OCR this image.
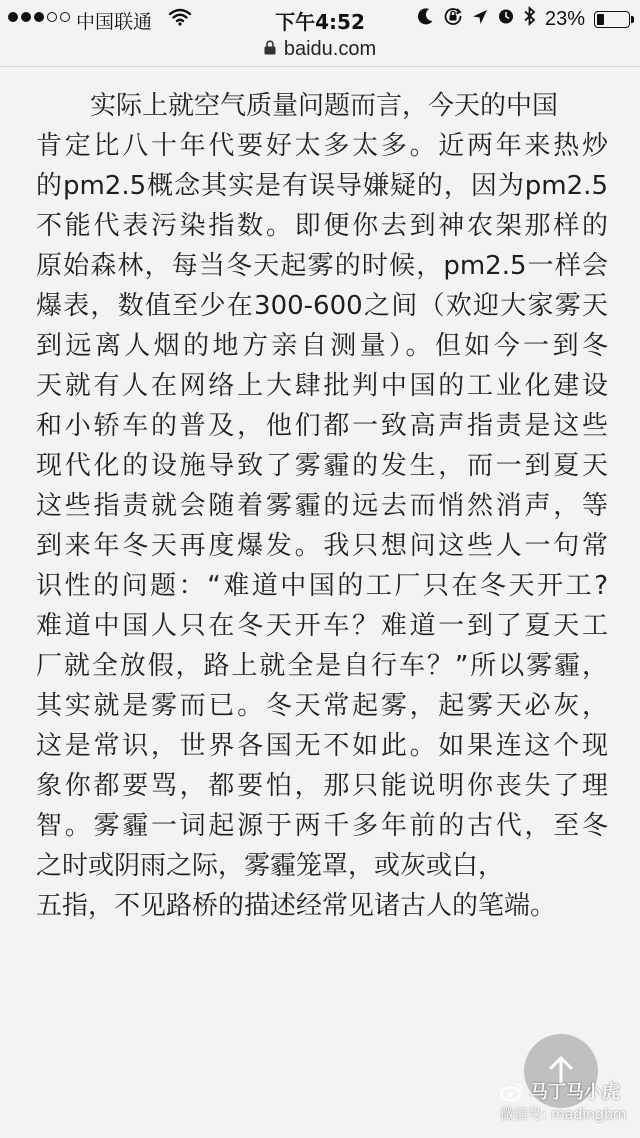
中国联通	下午4:52	23%
baidu.com
实际上就空气质量问题而言，今天的中国
肯定比八十年代要好太多太多。近两年来热炒
的pm2.5概念其实是有误导嫌疑的，因为pm2.5
不能代表污染指数。即便你去到神农架那样的
原始森林，每当冬天起雾的时候，pm2.5一样会
爆表，数值至少在300-600之间（欢迎大家雾天
到远离人烟的地方亲自测量）。但如今一到冬
天就有人在网络上大肆批判中国的工业化建设
和小轿车的普及，他们都一致高声指责是这些
现代化的设施导致了雾霾的发生，而一到夏天
这些指责就会随着雾霾的远去而悄然消声，等
到来年冬天再度爆发。我只想问这些人一句常
识性的问题：“难道中国的工厂只在冬天开工?
难道中国人只在冬天开车？难道一到了夏天工
厂就全放假，路上就全是自行车？”所以雾霾，
其实就是雾而已。冬天常起雾，起雾天必灰，
这是常识，世界各国无不如此。如果连这个现
象你都要骂，都要怕，那只能说明你丧失了理
智。雾霾一词起源于两千多年前的古代，至冬
之时或阴雨之际，雾霾笼罩，或灰或白，
五指，不见路桥的描述经常见诸古人的笔端。
马丁马小虎
微信号: madingbm
